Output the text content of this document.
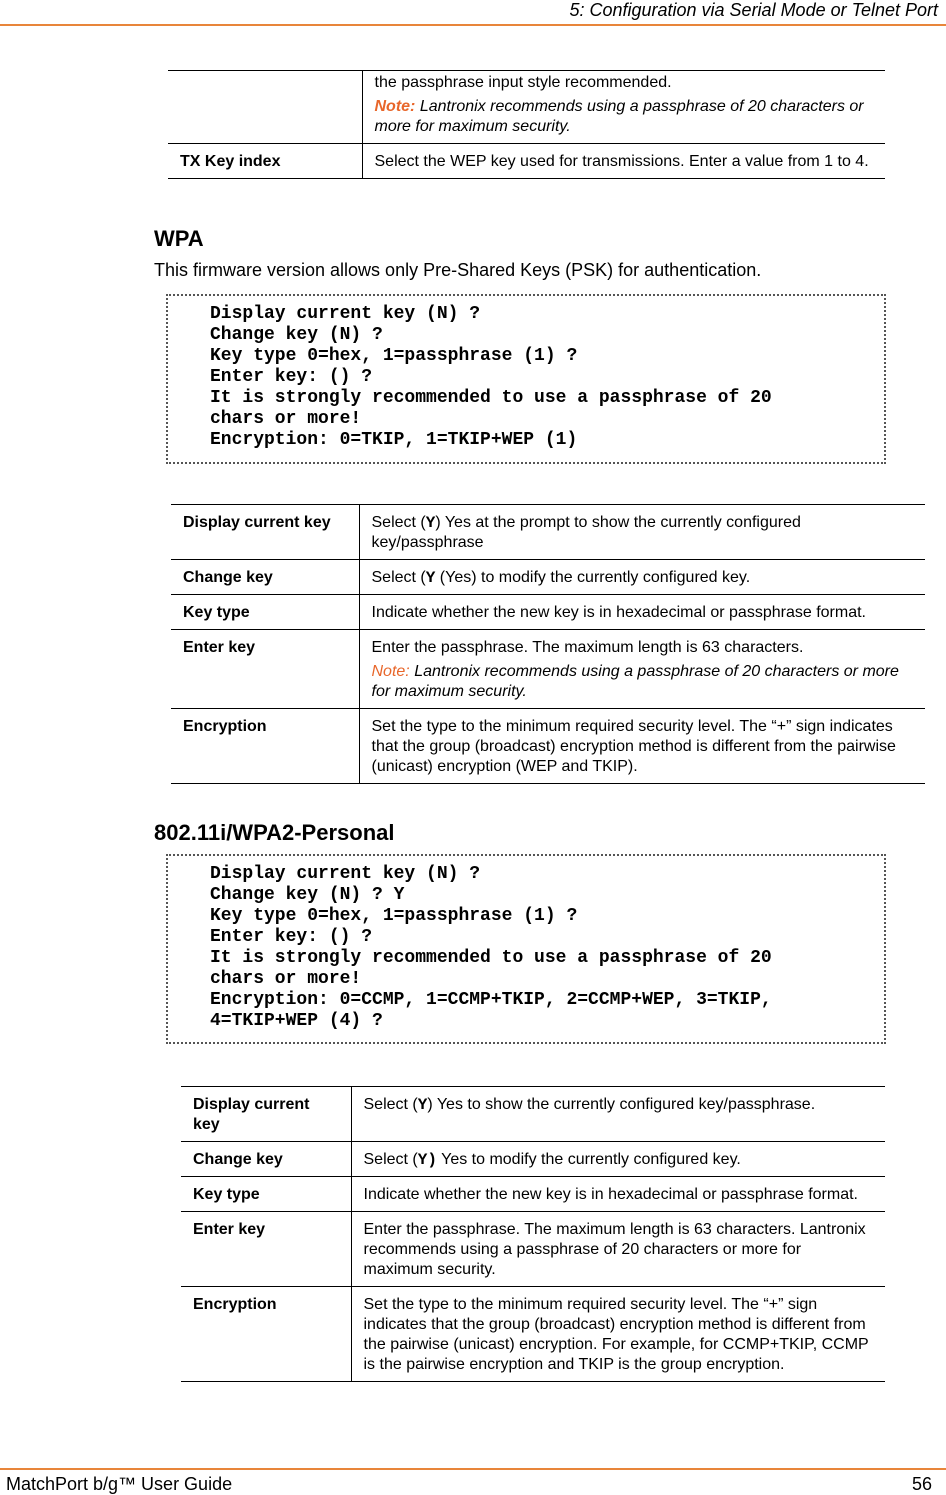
5: Configuration via Serial Mode or Telnet Port

	the passphrase input style recommended.

Note: Lantronix recommends using a passphrase of 20 characters or more for maximum security.

TX Key index	Select the WEP key used for transmissions. Enter a value from 1 to 4.
WPA
This firmware version allows only Pre-Shared Keys (PSK) for authentication.
Display current key (N) ?
Change key (N) ?
Key type 0=hex, 1=passphrase (1) ?
Enter key: () ?
It is strongly recommended to use a passphrase of 20
chars or more!
Encryption: 0=TKIP, 1=TKIP+WEP (1)
Display current key	Select (Y) Yes at the prompt to show the currently configured key/passphrase
Change key	Select (Y (Yes) to modify the currently configured key.
Key type	Indicate whether the new key is in hexadecimal or passphrase format.
Enter key	Enter the passphrase. The maximum length is 63 characters.

Note: Lantronix recommends using a passphrase of 20 characters or more for maximum security.

Encryption	Set the type to the minimum required security level. The “+” sign indicates that the group (broadcast) encryption method is different from the pairwise (unicast) encryption (WEP and TKIP).
802.11i/WPA2-Personal
Display current key (N) ?
Change key (N) ? Y
Key type 0=hex, 1=passphrase (1) ?
Enter key: () ?
It is strongly recommended to use a passphrase of 20
chars or more!
Encryption: 0=CCMP, 1=CCMP+TKIP, 2=CCMP+WEP, 3=TKIP,
4=TKIP+WEP (4) ?
Display current key	Select (Y) Yes to show the currently configured key/passphrase.
Change key	Select (Y) Yes to modify the currently configured key.
Key type	Indicate whether the new key is in hexadecimal or passphrase format.
Enter key	Enter the passphrase. The maximum length is 63 characters. Lantronix recommends using a passphrase of 20 characters or more for maximum security.
Encryption	Set the type to the minimum required security level. The “+” sign indicates that the group (broadcast) encryption method is different from the pairwise (unicast) encryption. For example, for CCMP+TKIP, CCMP is the pairwise encryption and TKIP is the group encryption.
MatchPort b/g™ User Guide	56
